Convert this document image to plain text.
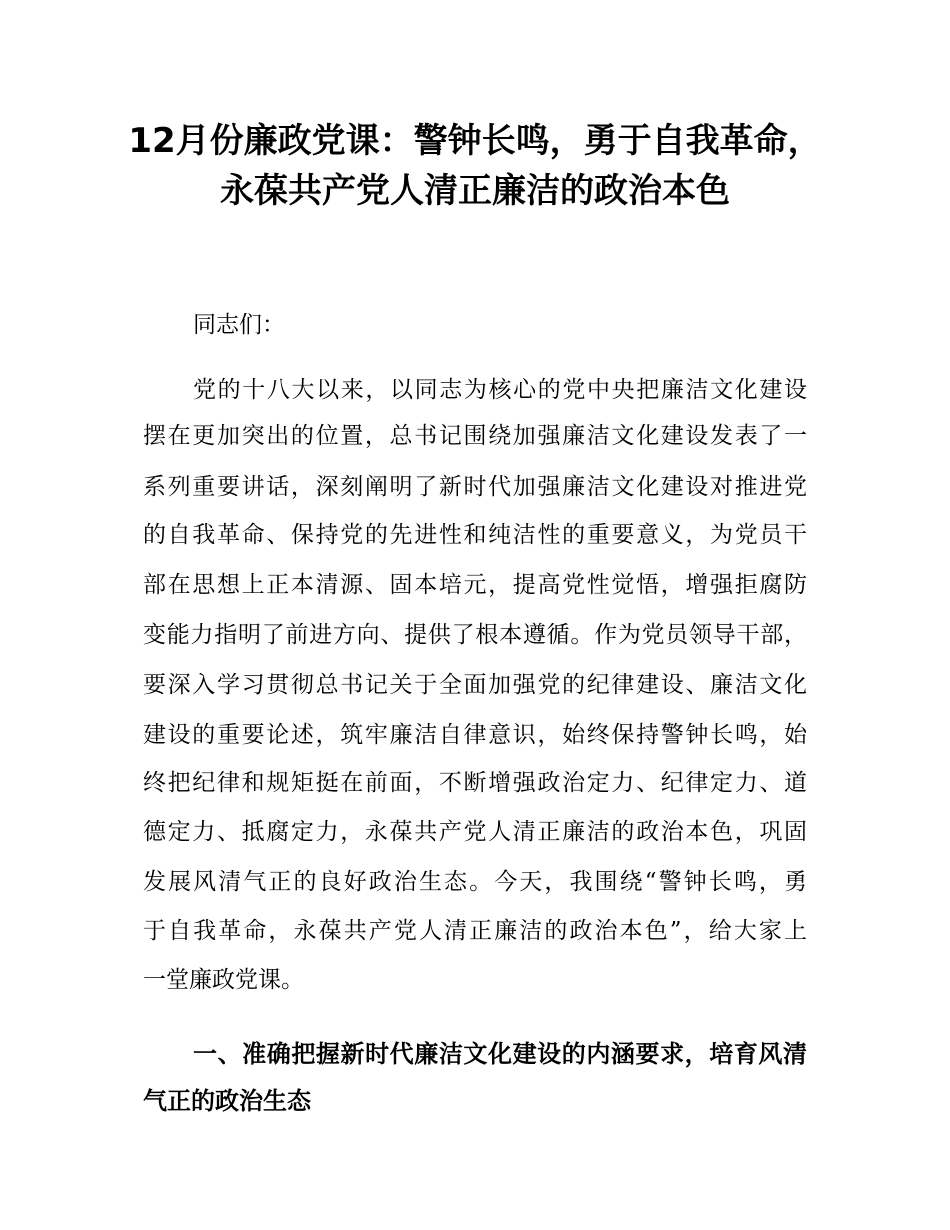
12月份廉政党课：警钟长鸣，勇于自我革命，
永葆共产党人清正廉洁的政治本色
同志们：
党的十八大以来，以同志为核心的党中央把廉洁文化建设
摆在更加突出的位置，总书记围绕加强廉洁文化建设发表了一
系列重要讲话，深刻阐明了新时代加强廉洁文化建设对推进党
的自我革命、保持党的先进性和纯洁性的重要意义，为党员干
部在思想上正本清源、固本培元，提高党性觉悟，增强拒腐防
变能力指明了前进方向、提供了根本遵循。作为党员领导干部，
要深入学习贯彻总书记关于全面加强党的纪律建设、廉洁文化
建设的重要论述，筑牢廉洁自律意识，始终保持警钟长鸣，始
终把纪律和规矩挺在前面，不断增强政治定力、纪律定力、道
德定力、抵腐定力，永葆共产党人清正廉洁的政治本色，巩固
发展风清气正的良好政治生态。今天，我围绕“警钟长鸣，勇
于自我革命，永葆共产党人清正廉洁的政治本色”，给大家上
一堂廉政党课。
一、准确把握新时代廉洁文化建设的内涵要求，培育风清
气正的政治生态
